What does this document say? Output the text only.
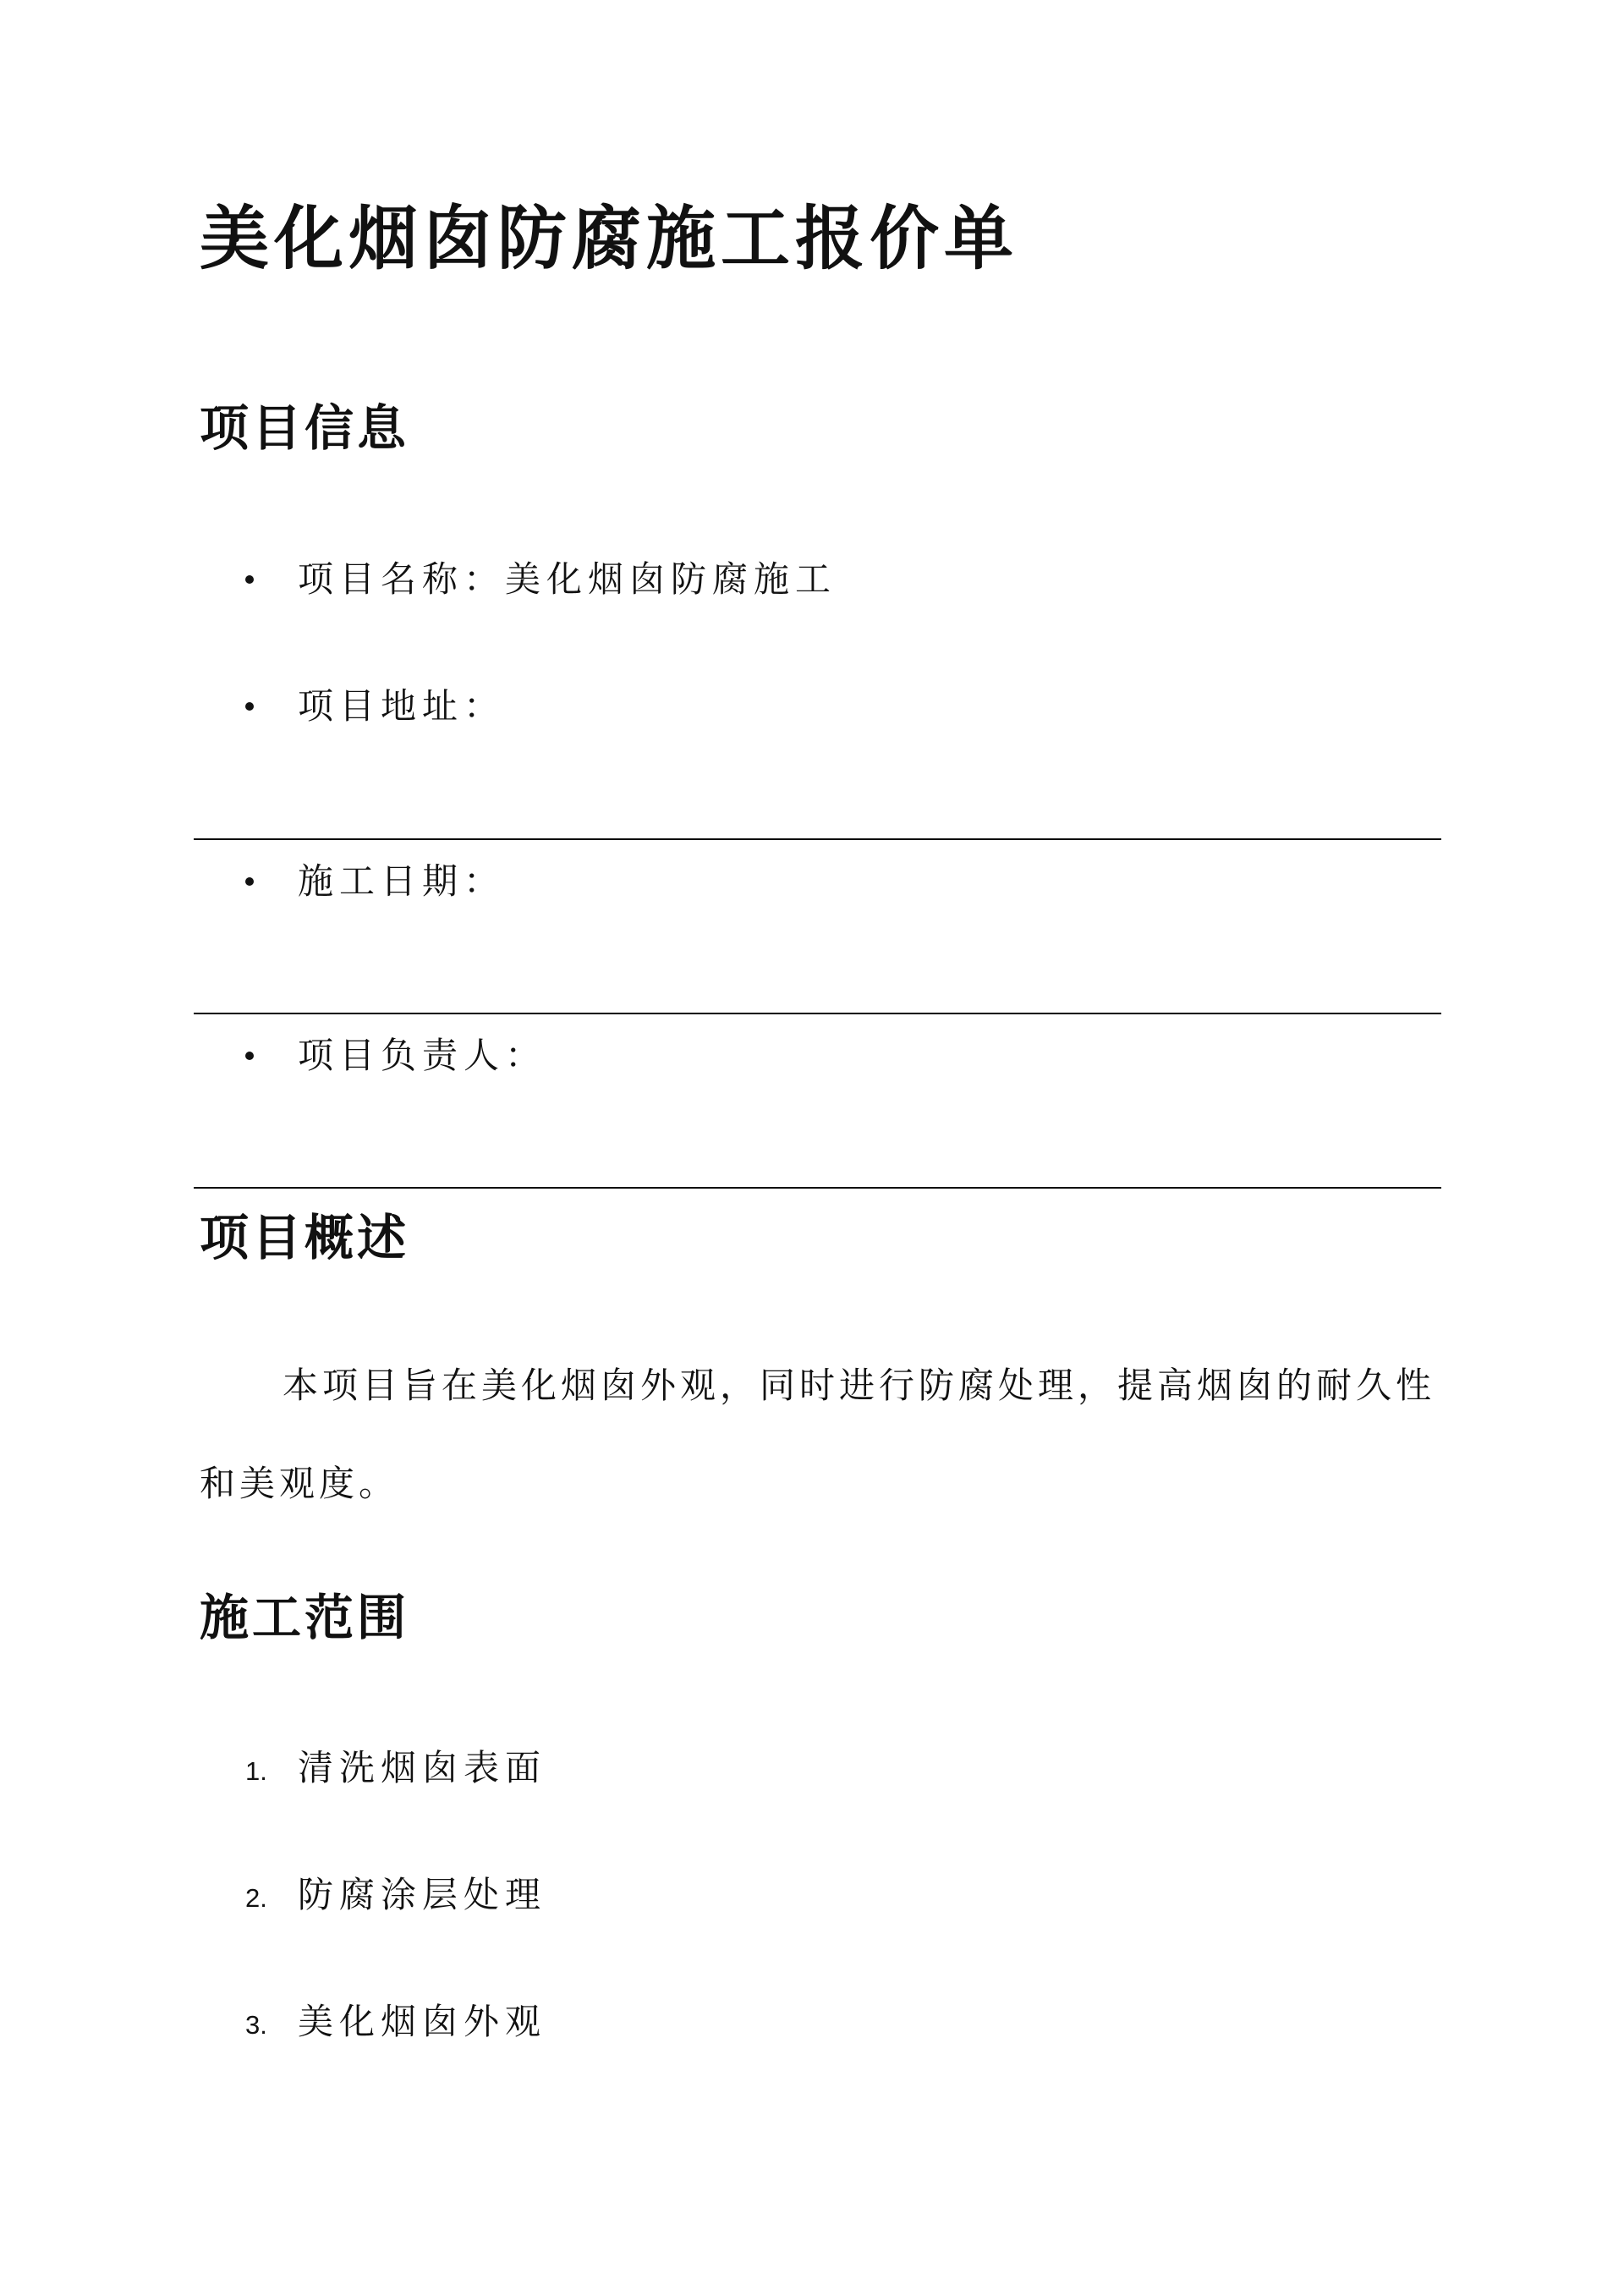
美化烟囱防腐施工报价单
项目信息
项目名称：美化烟囱防腐施工
项目地址：
施工日期：
项目负责人：
项目概述

本项目旨在美化烟囱外观，同时进行防腐处理，提高烟囱的耐久性和美观度。

施工范围
1. 清洗烟囱表面
2. 防腐涂层处理
3. 美化烟囱外观
